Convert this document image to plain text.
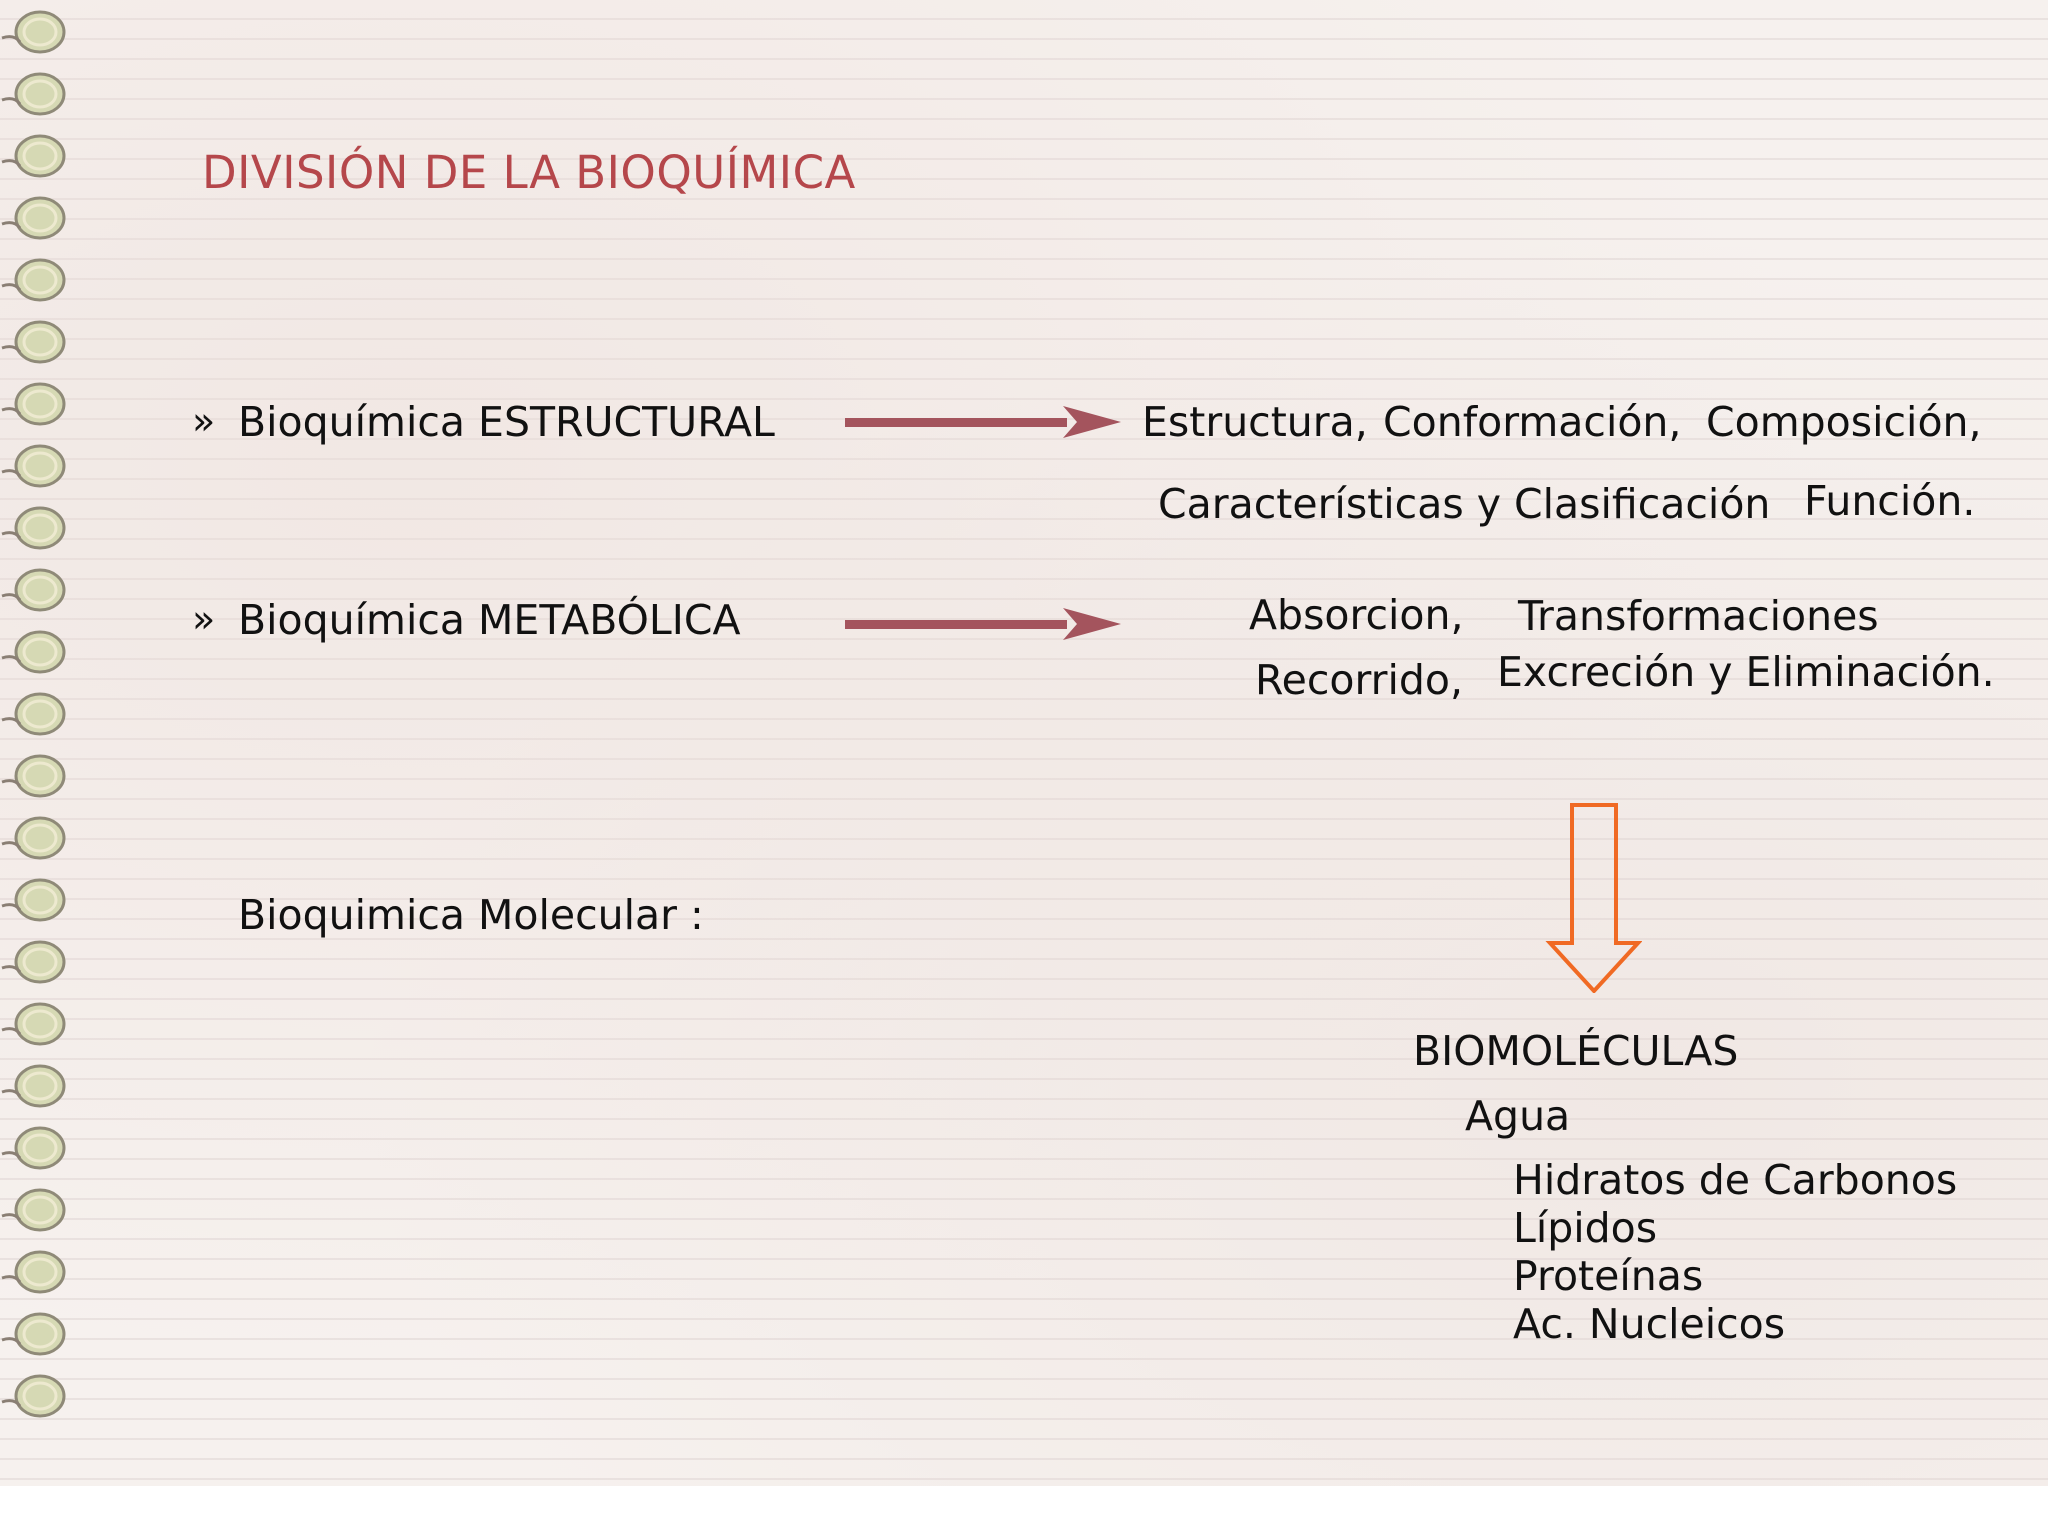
DIVISIÓN DE LA BIOQUÍMICA
» Bioquímica ESTRUCTURAL	Estructura, Conformación, Composición,
Características y Clasificación Función.
» Bioquímica METABÓLICA	Absorcion, Transformaciones
Recorrido, Excreción y Eliminación.
Bioquimica Molecular :
BIOMOLÉCULAS
Agua
Hidratos de Carbonos
Lípidos
Proteínas
Ac. Nucleicos
